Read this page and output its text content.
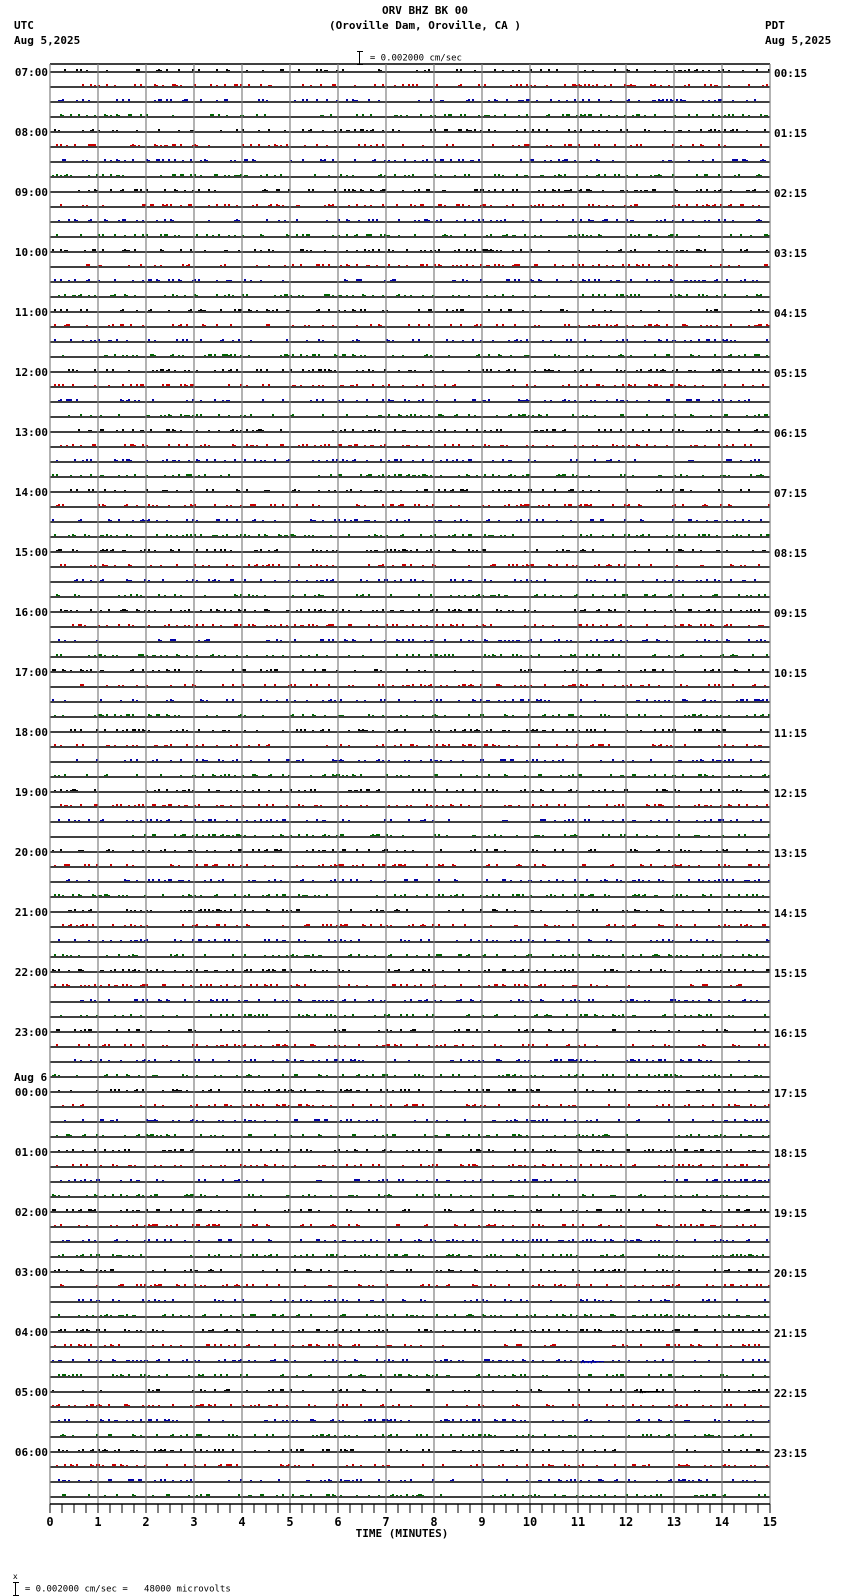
ORV BHZ BK 00
(Oroville Dam, Oroville, CA )
UTC
Aug 5,2025
PDT
Aug 5,2025

= 0.002000 cm/sec

0	1	2	3	4	5	6	7	8	9	10	11	12	13	14	15
TIME (MINUTES)
07:00
08:00
09:00
10:00
11:00
12:00
13:00
14:00
15:00
16:00
17:00
18:00
19:00
20:00
21:00
22:00
23:00
00:00
Aug 6
01:00
02:00
03:00
04:00
05:00
06:00
00:15
01:15
02:15
03:15
04:15
05:15
06:15
07:15
08:15
09:15
10:15
11:15
12:15
13:15
14:15
15:15
16:15
17:15
18:15
19:15
20:15
21:15
22:15
23:15

x

= 0.002000 cm/sec =   48000 microvolts
